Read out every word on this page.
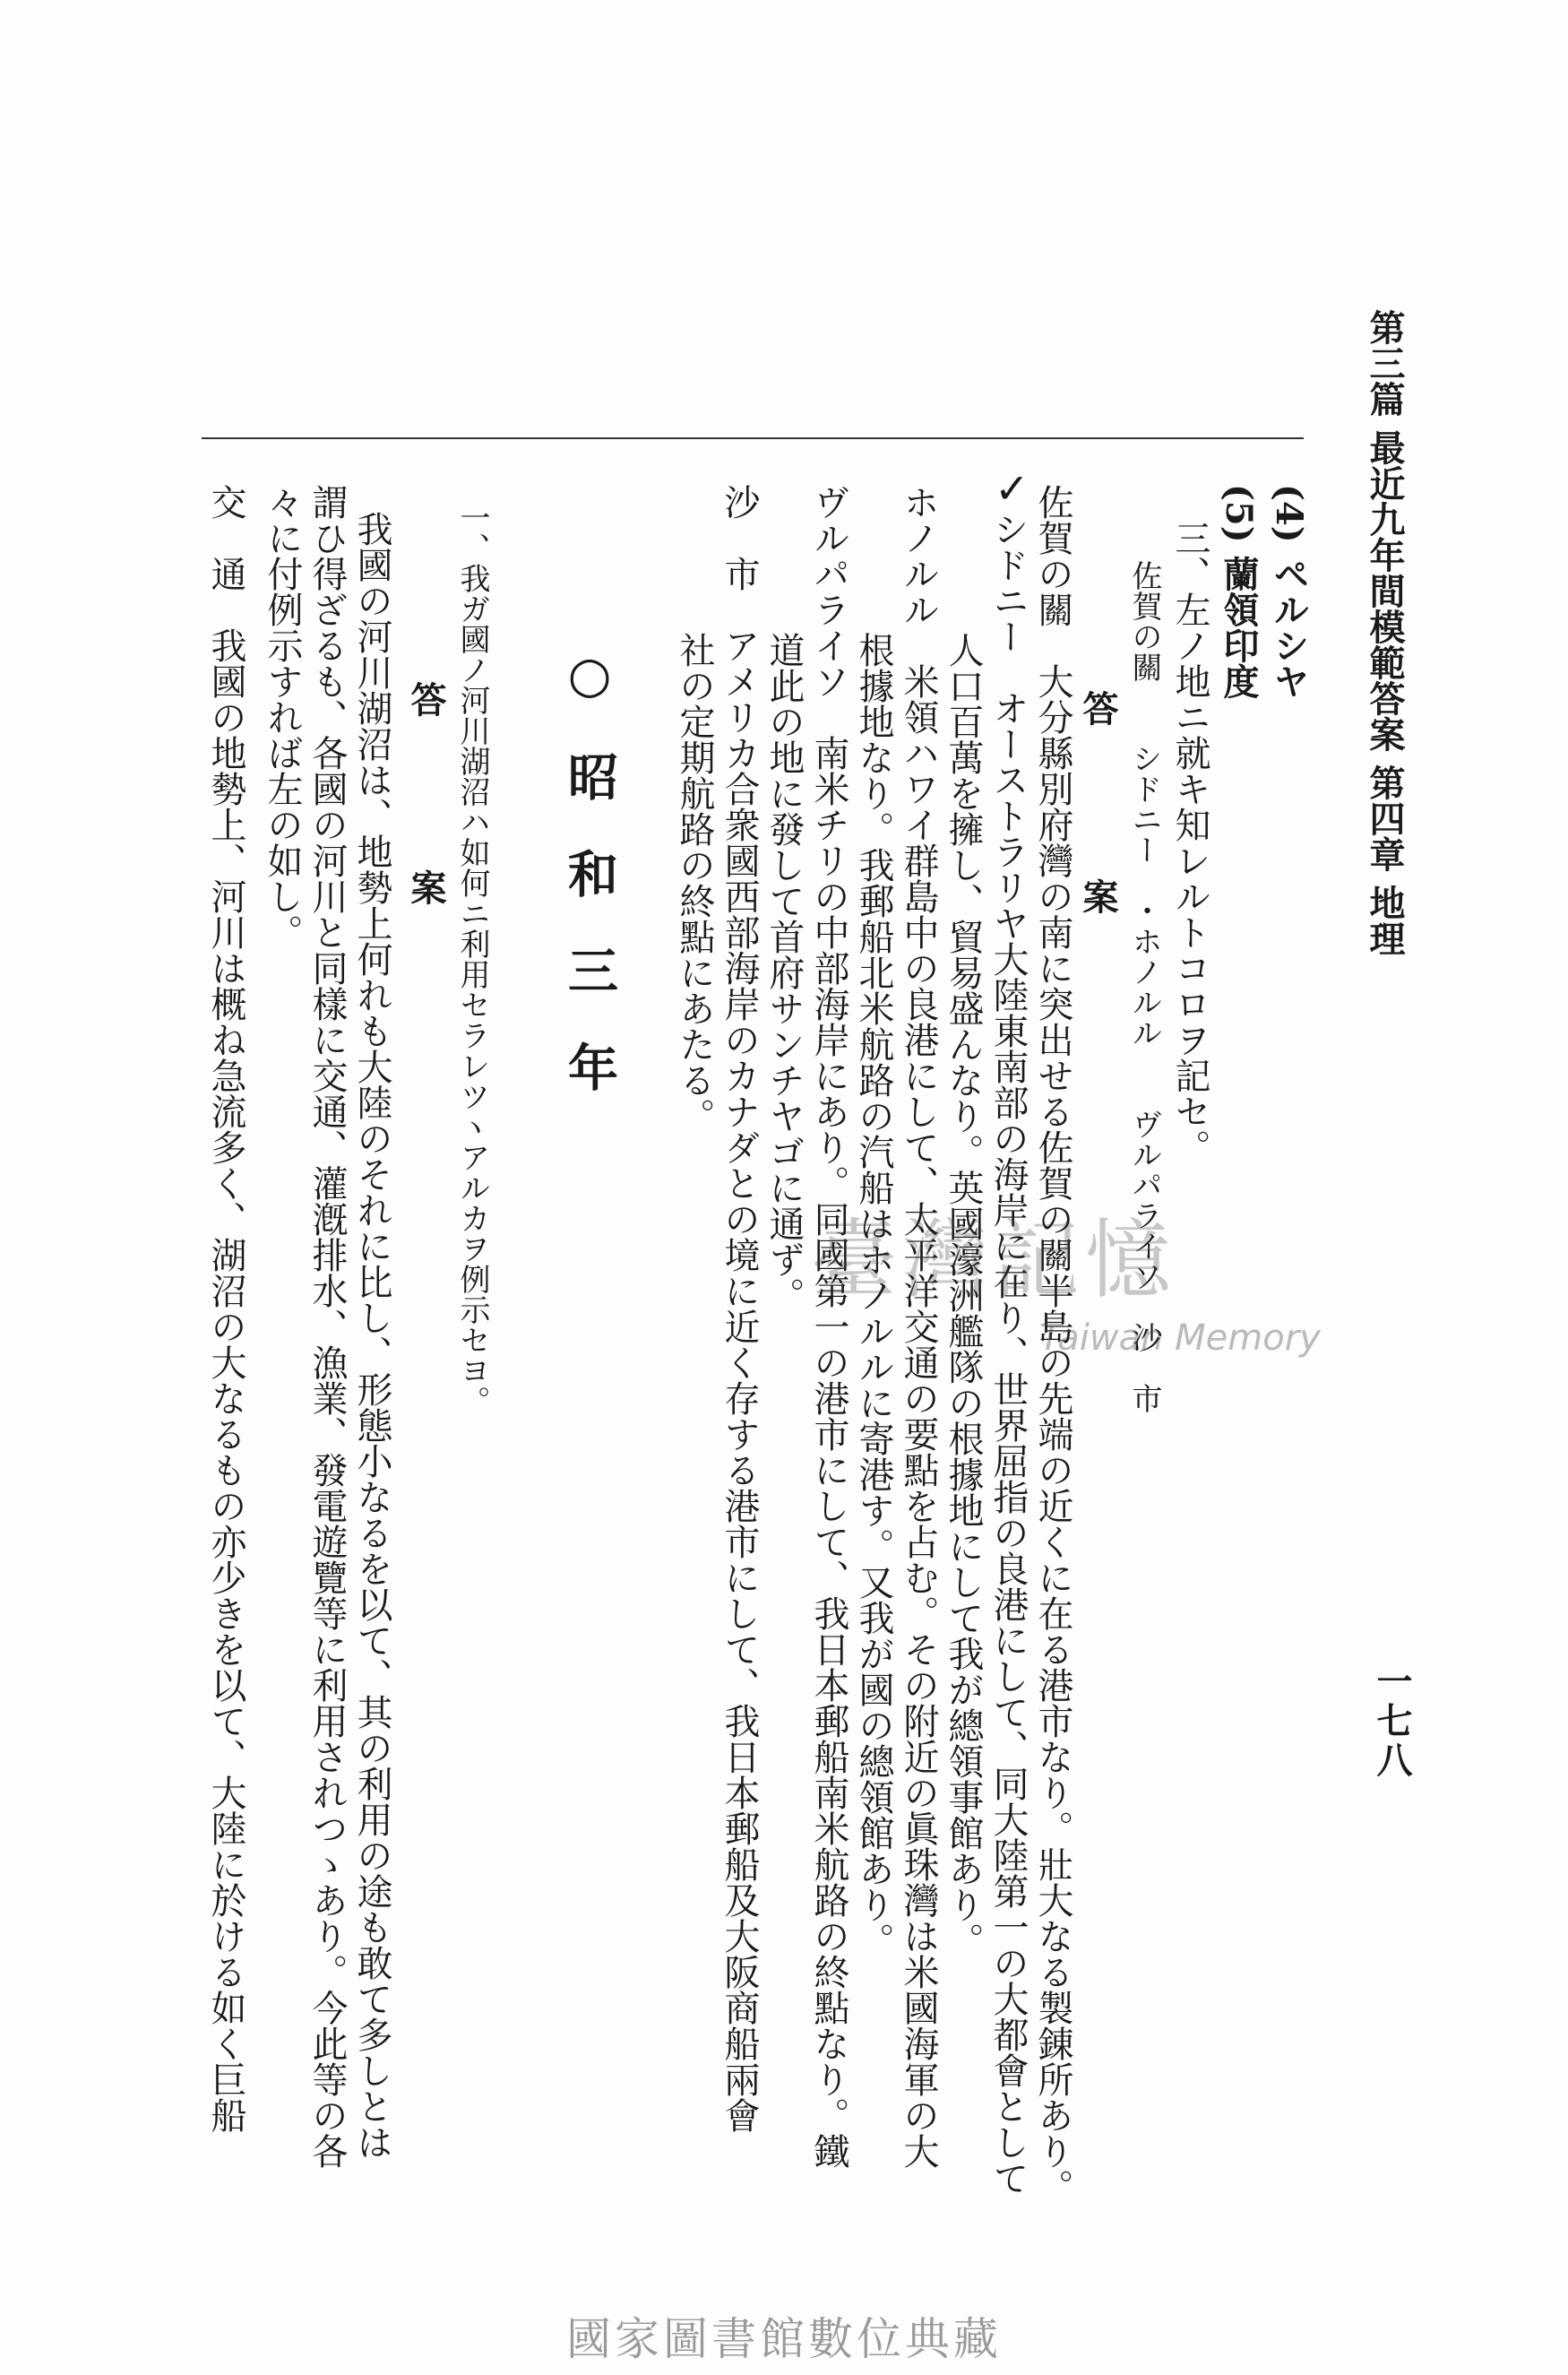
第三篇 最近九年間模範答案 第四章 地理
一七八
(4) ペルシヤ
(5) 蘭領印度
三、左ノ地ニ就キ知レルトコロヲ記セ。
佐賀の關　　シドニー　・ホノルル　　ヴルパライソ　沙　市
答　　案
佐賀の關　大分縣別府灣の南に突出せる佐賀の關半島の先端の近くに在る港市なり。壯大なる製錬所あり。
✓
シドニー　オーストラリヤ大陸東南部の海岸に在り、世界屈指の良港にして、同大陸第一の大都會として
人口百萬を擁し、貿易盛んなり。英國濠洲艦隊の根據地にして我が總領事館あり。
ホノルル　米領ハワイ群島中の良港にして、太平洋交通の要點を占む。その附近の眞珠灣は米國海軍の大
根據地なり。我郵船北米航路の汽船はホノルルに寄港す。又我が國の總領館あり。
ヴルパライソ　南米チリの中部海岸にあり。同國第一の港市にして、我日本郵船南米航路の終點なり。鐵
道此の地に發して首府サンチヤゴに通ず。
沙　市　アメリカ合衆國西部海岸のカナダとの境に近く存する港市にして、我日本郵船及大阪商船兩會
社の定期航路の終點にあたる。
○昭和三年
一、我ガ國ノ河川湖沼ハ如何ニ利用セラレツヽアルカヲ例示セヨ。
答　　案
我國の河川湖沼は、地勢上何れも大陸のそれに比し、形態小なるを以て、其の利用の途も敢て多しとは
謂ひ得ざるも、各國の河川と同樣に交通、灌漑排水、漁業、發電遊覽等に利用されつゝあり。今此等の各
々に付例示すれば左の如し。
交　通　我國の地勢上、河川は概ね急流多く、湖沼の大なるもの亦少きを以て、大陸に於ける如く巨船	臺灣記憶
Taiwan Memory
國家圖書館數位典藏
